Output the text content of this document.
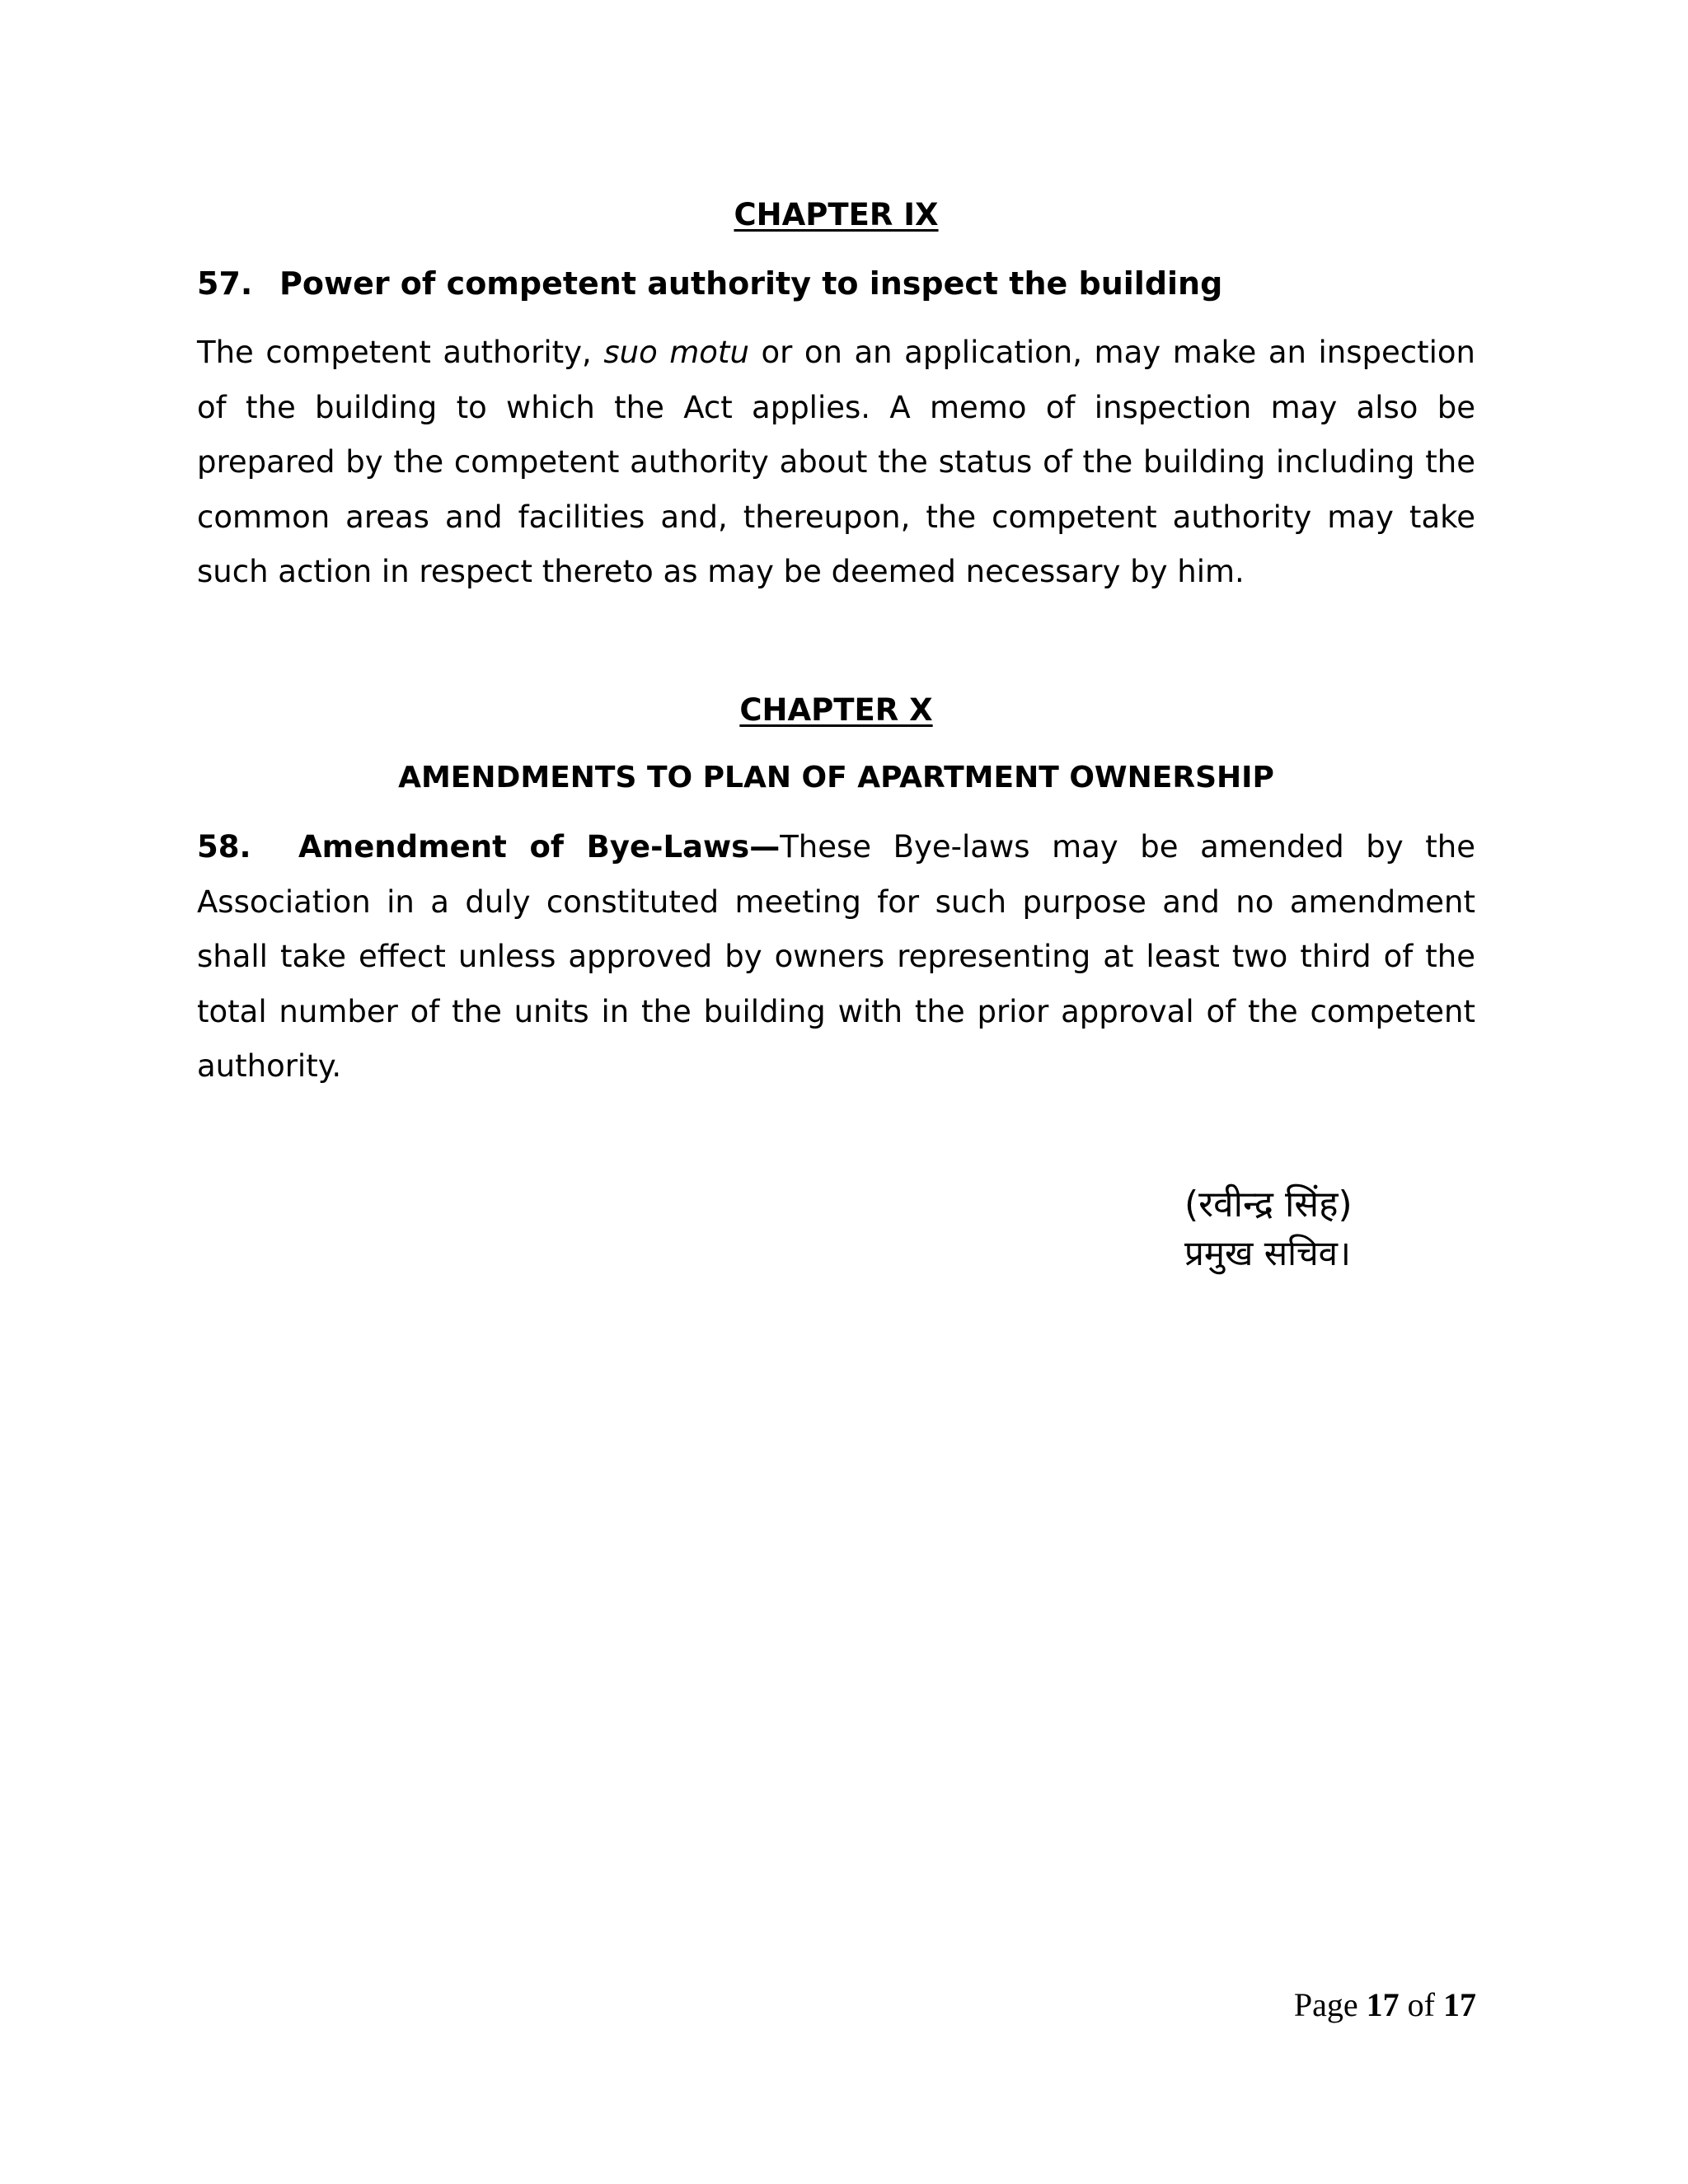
CHAPTER IX

57. Power of competent authority to inspect the building

The competent authority, suo motu or on an application, may make an inspection of the building to which the Act applies. A memo of inspection may also be prepared by the competent authority about the status of the building including the common areas and facilities and, thereupon, the competent authority may take such action in respect thereto as may be deemed necessary by him.

CHAPTER X
AMENDMENTS TO PLAN OF APARTMENT OWNERSHIP

58. Amendment of Bye-Laws—These Bye-laws may be amended by the Association in a duly constituted meeting for such purpose and no amendment shall take effect unless approved by owners representing at least two third of the total number of the units in the building with the prior approval of the competent authority.

(रवीन्द्र सिंह)

प्रमुख सचिव।

Page 17 of 17
